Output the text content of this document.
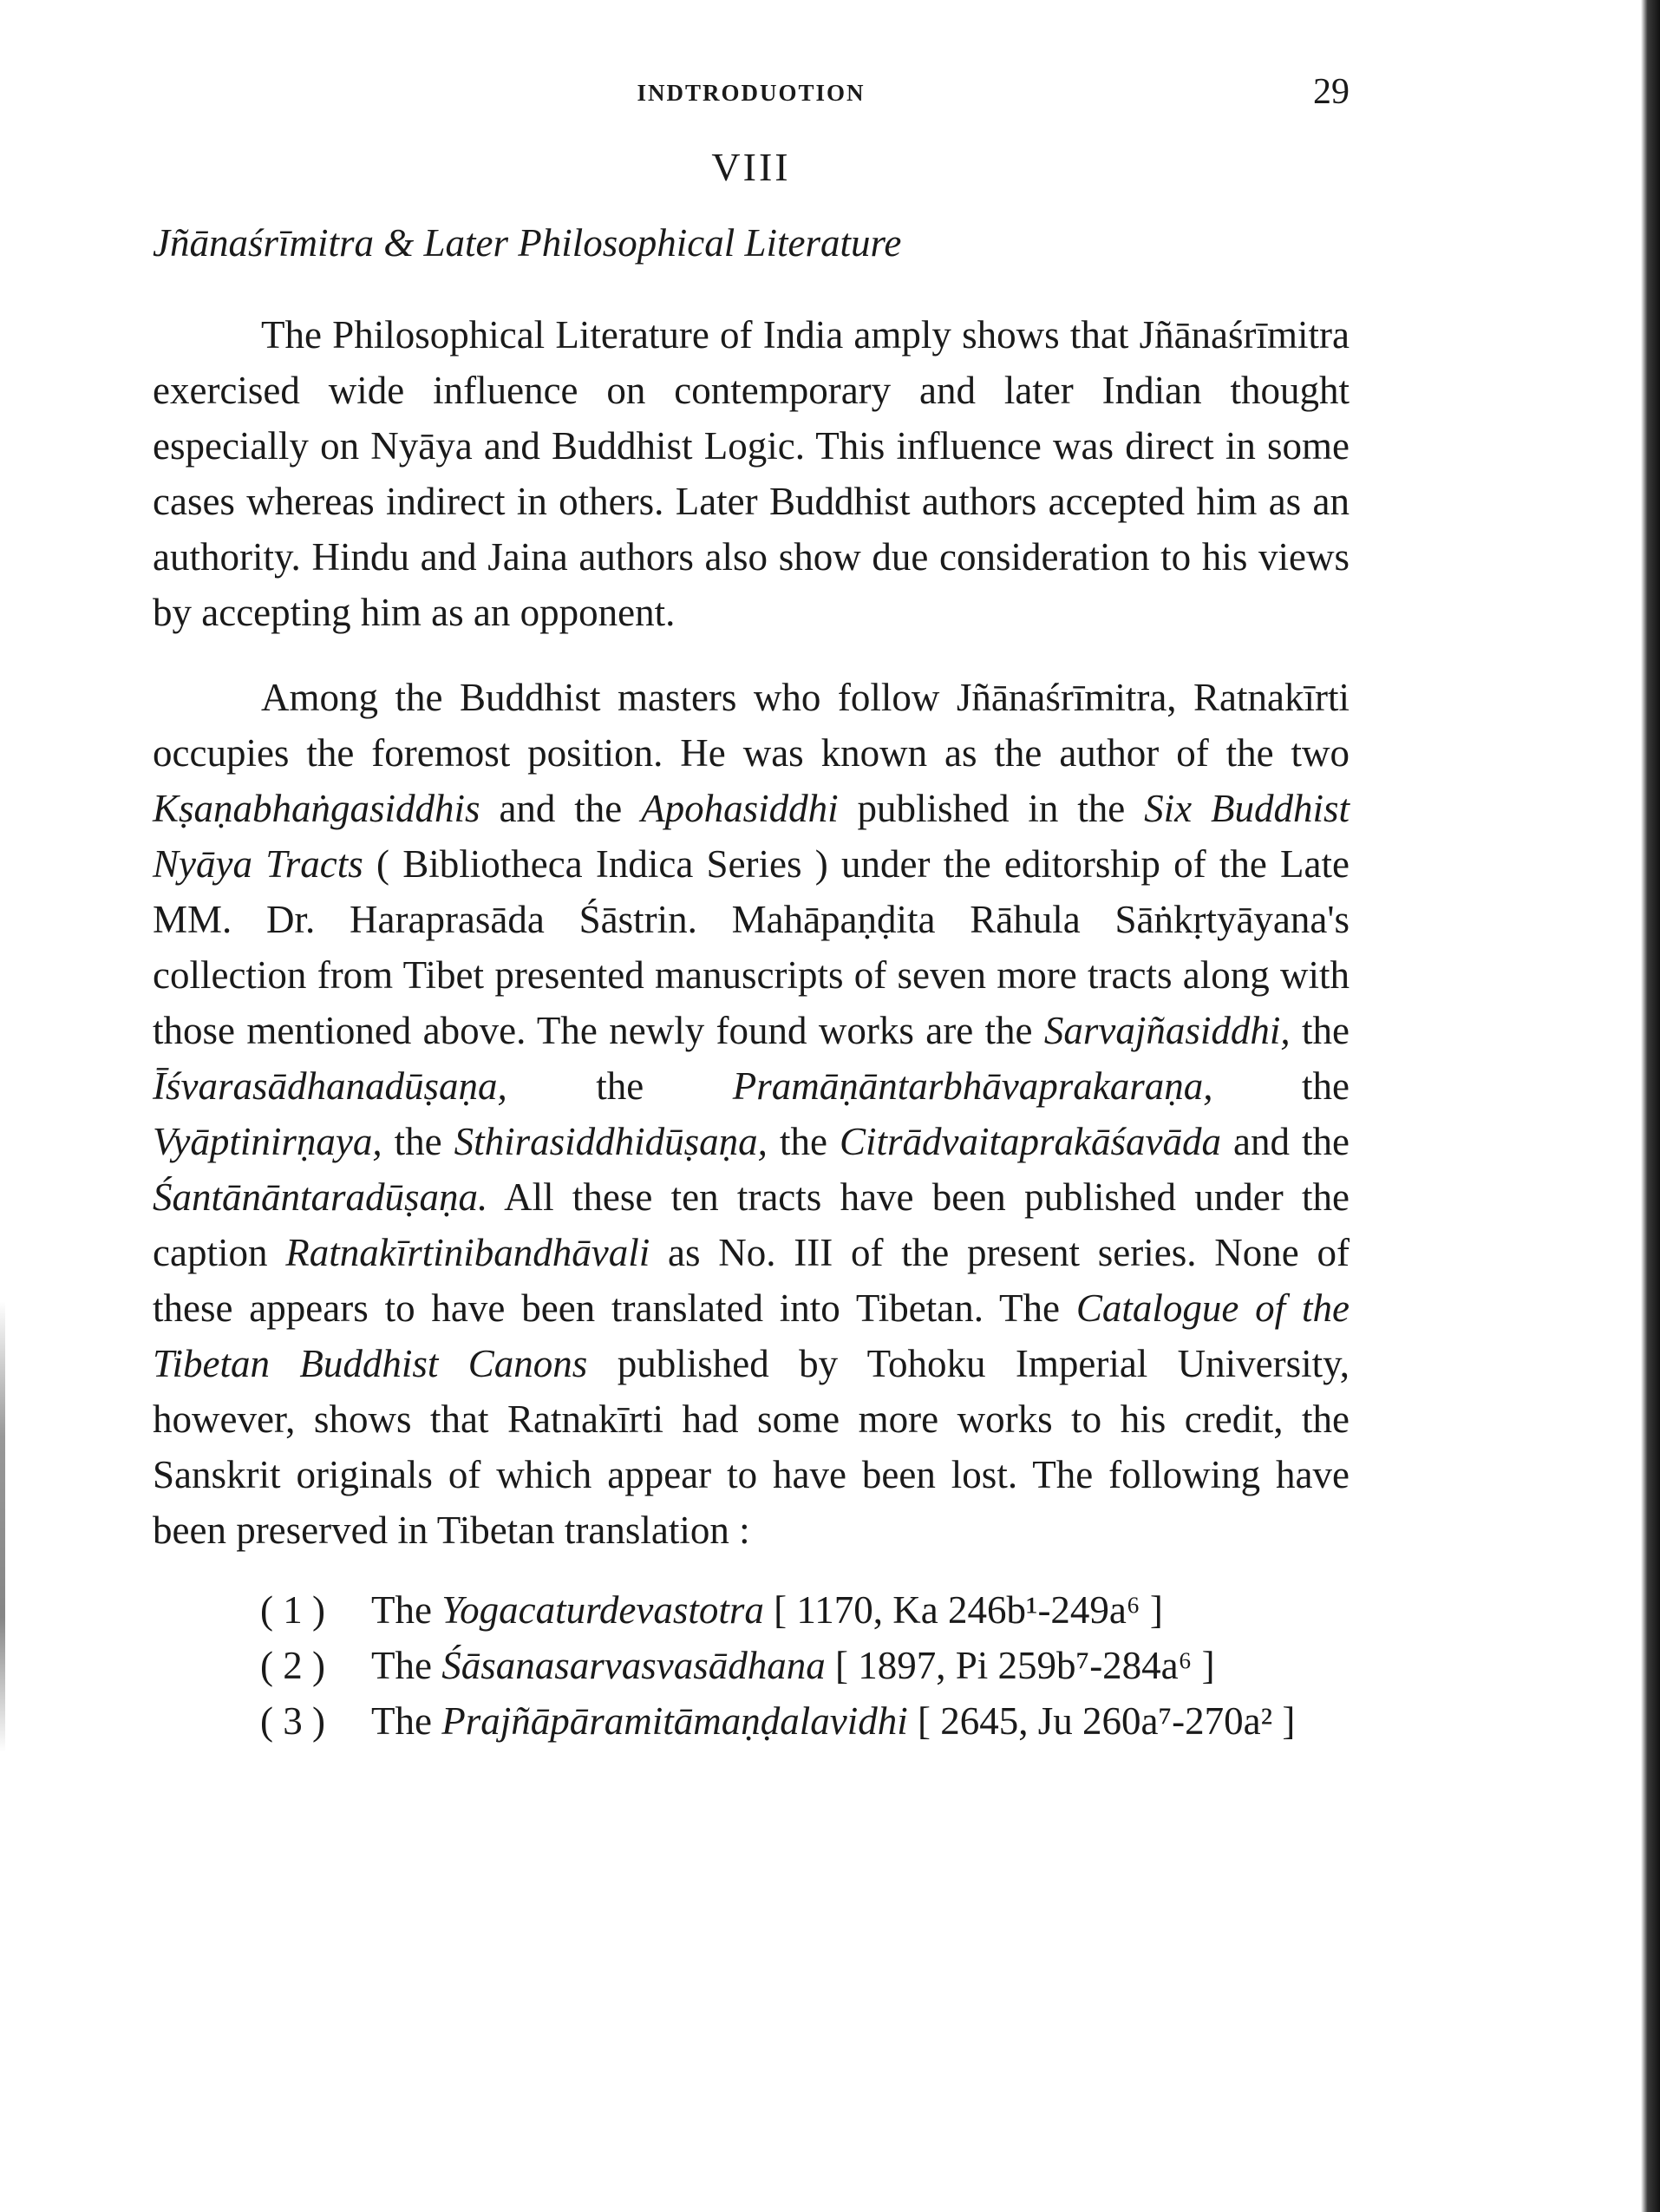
INDTRODUOTION	29
VIII
Jñānaśrīmitra & Later Philosophical Literature

The Philosophical Literature of India amply shows that Jñānaśrīmitra exercised wide influence on contemporary and later Indian thought especially on Nyāya and Buddhist Logic. This influence was direct in some cases whereas indirect in others. Later Buddhist authors accepted him as an authority. Hindu and Jaina authors also show due consideration to his views by accepting him as an opponent.

Among the Buddhist masters who follow Jñānaśrīmitra, Ratnakīrti occupies the foremost position. He was known as the author of the two Kṣaṇabhaṅgasiddhis and the Apohasiddhi published in the Six Buddhist Nyāya Tracts ( Bibliotheca Indica Series ) under the editorship of the Late MM. Dr. Haraprasāda Śāstrin. Mahāpaṇḍita Rāhula Sāṅkṛtyāyana's collection from Tibet presented manuscripts of seven more tracts along with those mentioned above. The newly found works are the Sarvajñasiddhi, the Īśvarasādhanadūṣaṇa, the Pramāṇāntarbhāvaprakaraṇa, the Vyāptinirṇaya, the Sthirasiddhidūṣaṇa, the Citrādvaitaprakāśavāda and the Śantānāntaradūṣaṇa. All these ten tracts have been published under the caption Ratnakīrtinibandhāvali as No. III of the present series. None of these appears to have been translated into Tibetan. The Catalogue of the Tibetan Buddhist Canons published by Tohoku Imperial University, however, shows that Ratnakīrti had some more works to his credit, the Sanskrit originals of which appear to have been lost. The following have been preserved in Tibetan translation :

( 1 )	The Yogacaturdevastotra [ 1170, Ka 246b¹-249a⁶ ]
( 2 )	The Śāsanasarvasvasādhana [ 1897, Pi 259b⁷-284a⁶ ]
( 3 )	The Prajñāpāramitāmaṇḍalavidhi [ 2645, Ju 260a⁷-270a² ]
